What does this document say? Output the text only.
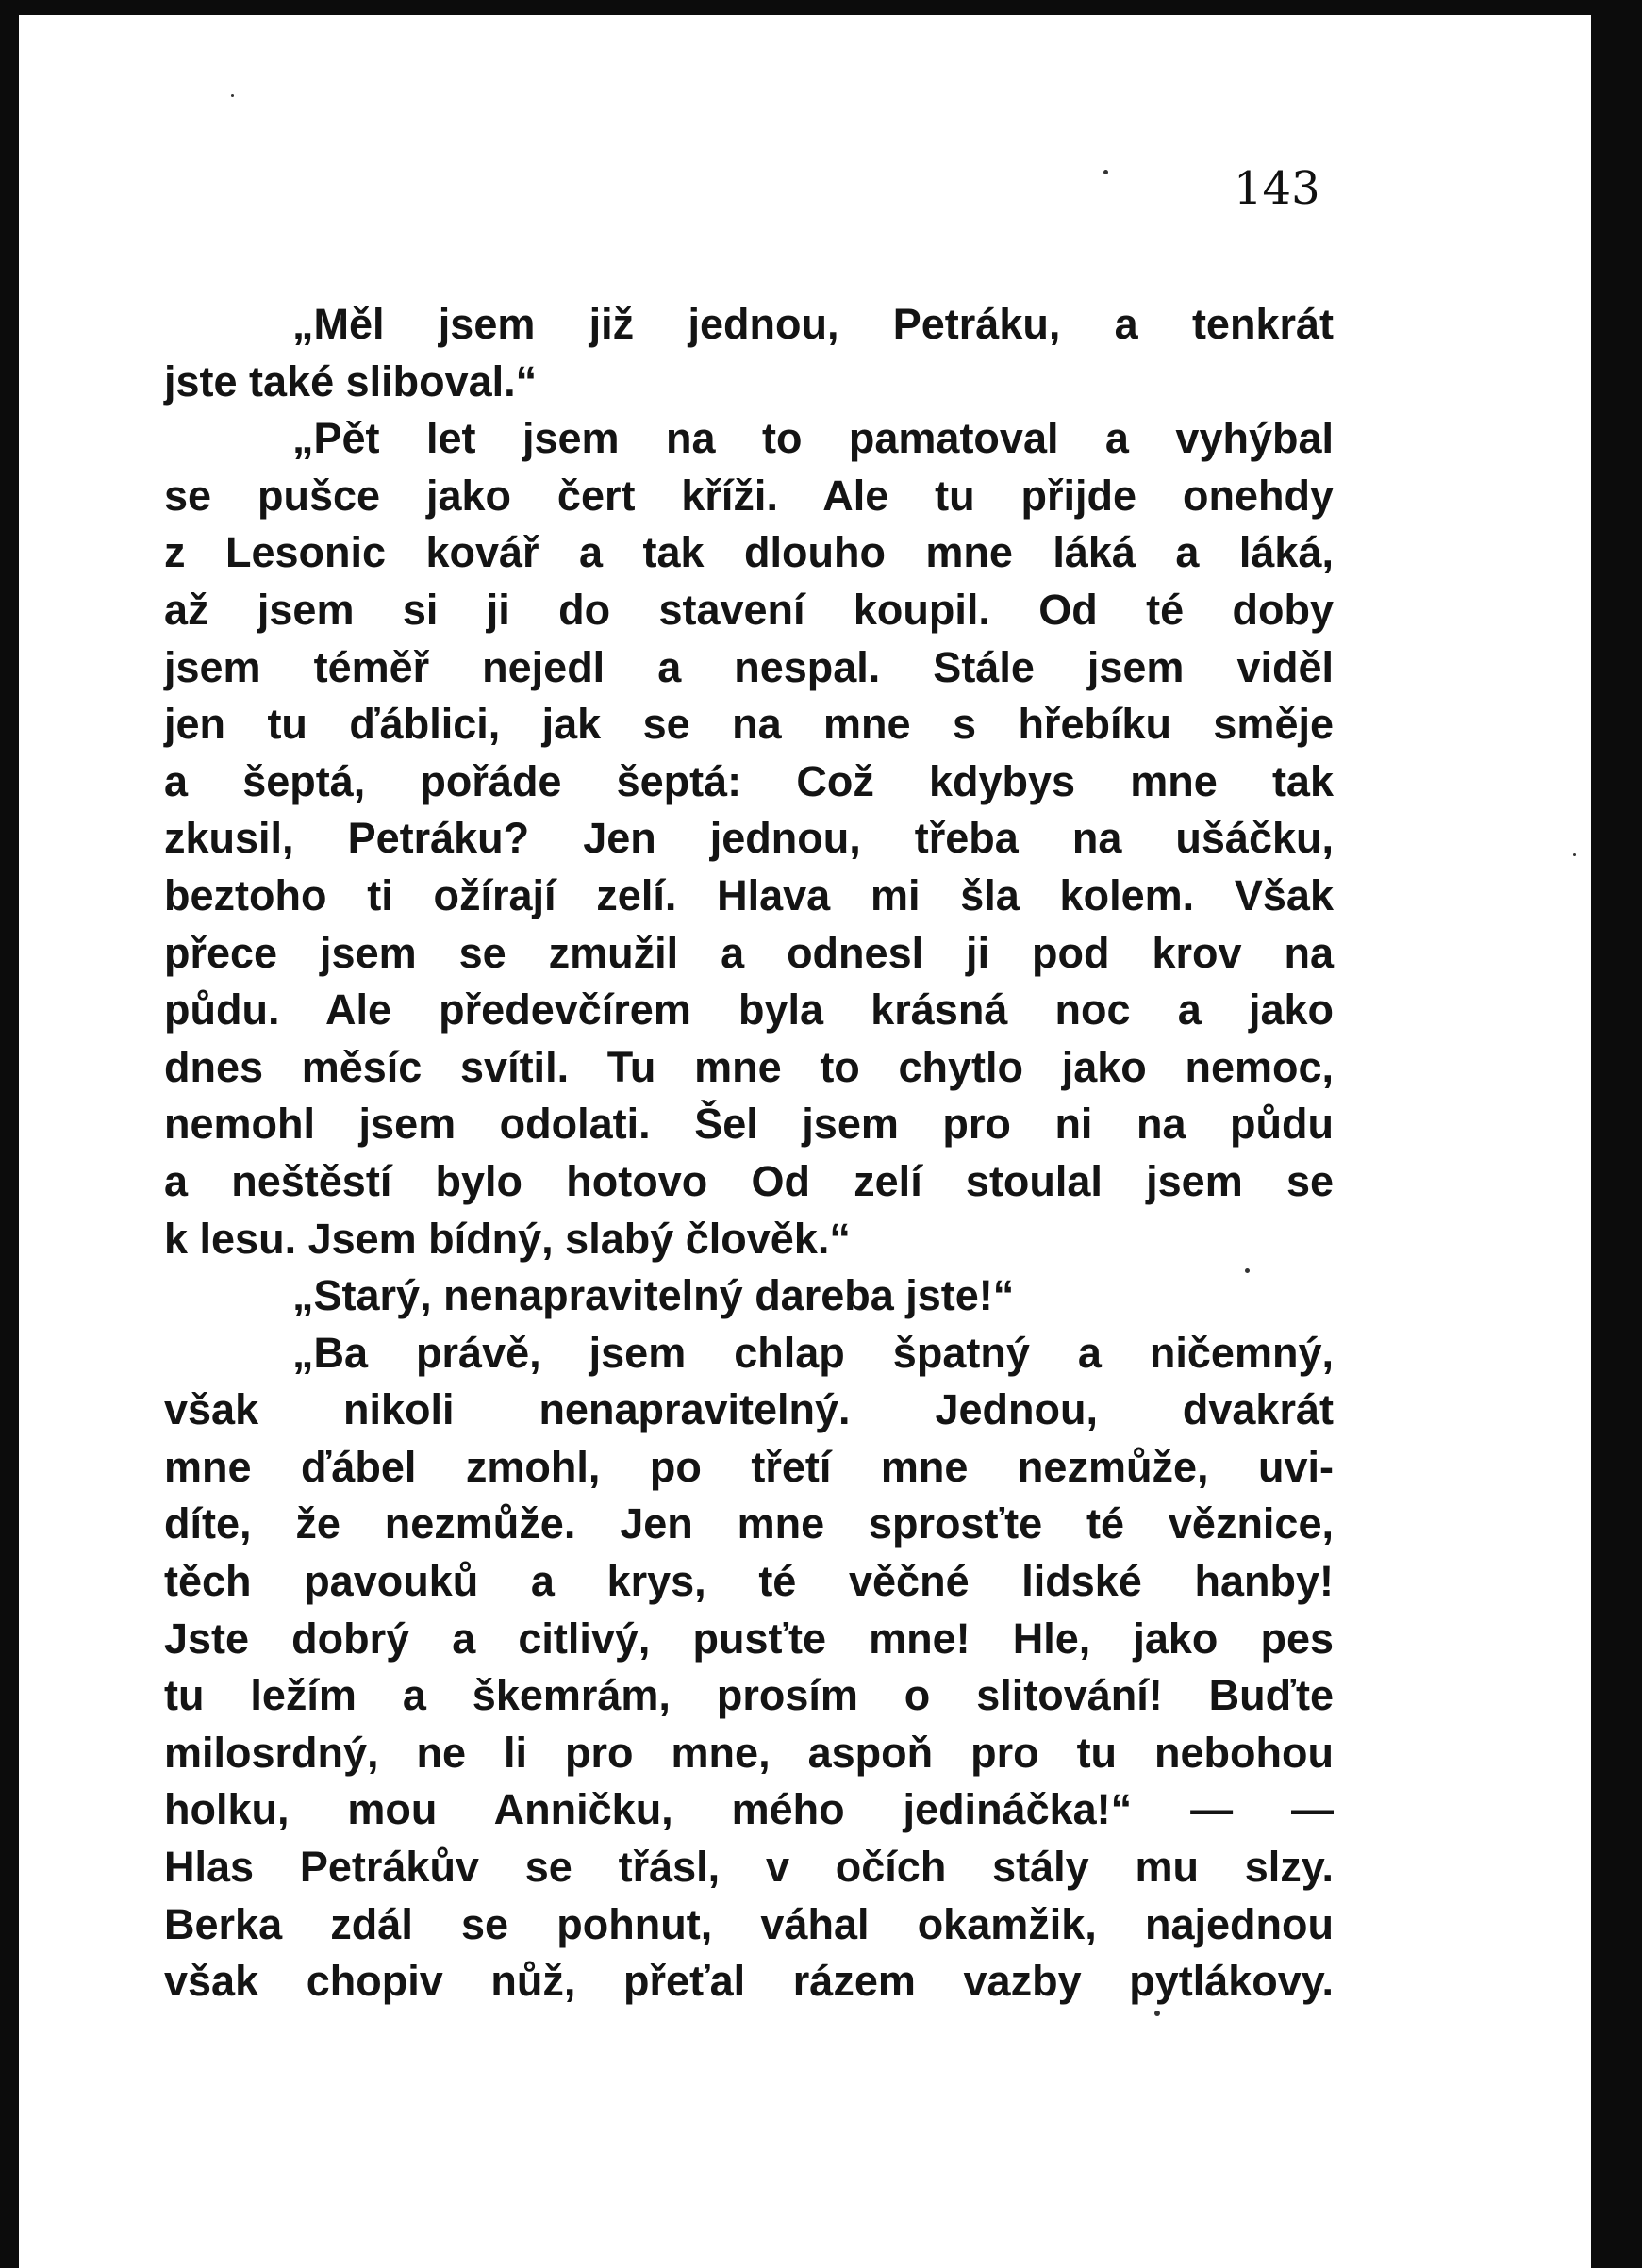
143
„Měl jsem již jednou, Petráku, a tenkrát
jste také sliboval.“
„Pět let jsem na to pamatoval a vyhýbal
se pušce jako čert kříži. Ale tu přijde onehdy
z Lesonic kovář a tak dlouho mne láká a láká,
až jsem si ji do stavení koupil. Od té doby
jsem téměř nejedl a nespal. Stále jsem viděl
jen tu ďáblici, jak se na mne s hřebíku směje
a šeptá, pořáde šeptá: Což kdybys mne tak
zkusil, Petráku? Jen jednou, třeba na ušáčku,
beztoho ti ožírají zelí. Hlava mi šla kolem. Však
přece jsem se zmužil a odnesl ji pod krov na
půdu. Ale předevčírem byla krásná noc a jako
dnes měsíc svítil. Tu mne to chytlo jako nemoc,
nemohl jsem odolati. Šel jsem pro ni na půdu
a neštěstí bylo hotovo Od zelí stoulal jsem se
k lesu. Jsem bídný, slabý člověk.“
„Starý, nenapravitelný dareba jste!“
„Ba právě, jsem chlap špatný a ničemný,
však nikoli nenapravitelný. Jednou, dvakrát
mne ďábel zmohl, po třetí mne nezmůže, uvi-
díte, že nezmůže. Jen mne sprosťte té věznice,
těch pavouků a krys, té věčné lidské hanby!
Jste dobrý a citlivý, pusťte mne! Hle, jako pes
tu ležím a škemrám, prosím o slitování! Buďte
milosrdný, ne li pro mne, aspoň pro tu nebohou
holku, mou Anničku, mého jedináčka!“ — —
Hlas Petrákův se třásl, v očích stály mu slzy.
Berka zdál se pohnut, váhal okamžik, najednou
však chopiv nůž, přeťal rázem vazby pytlákovy.
